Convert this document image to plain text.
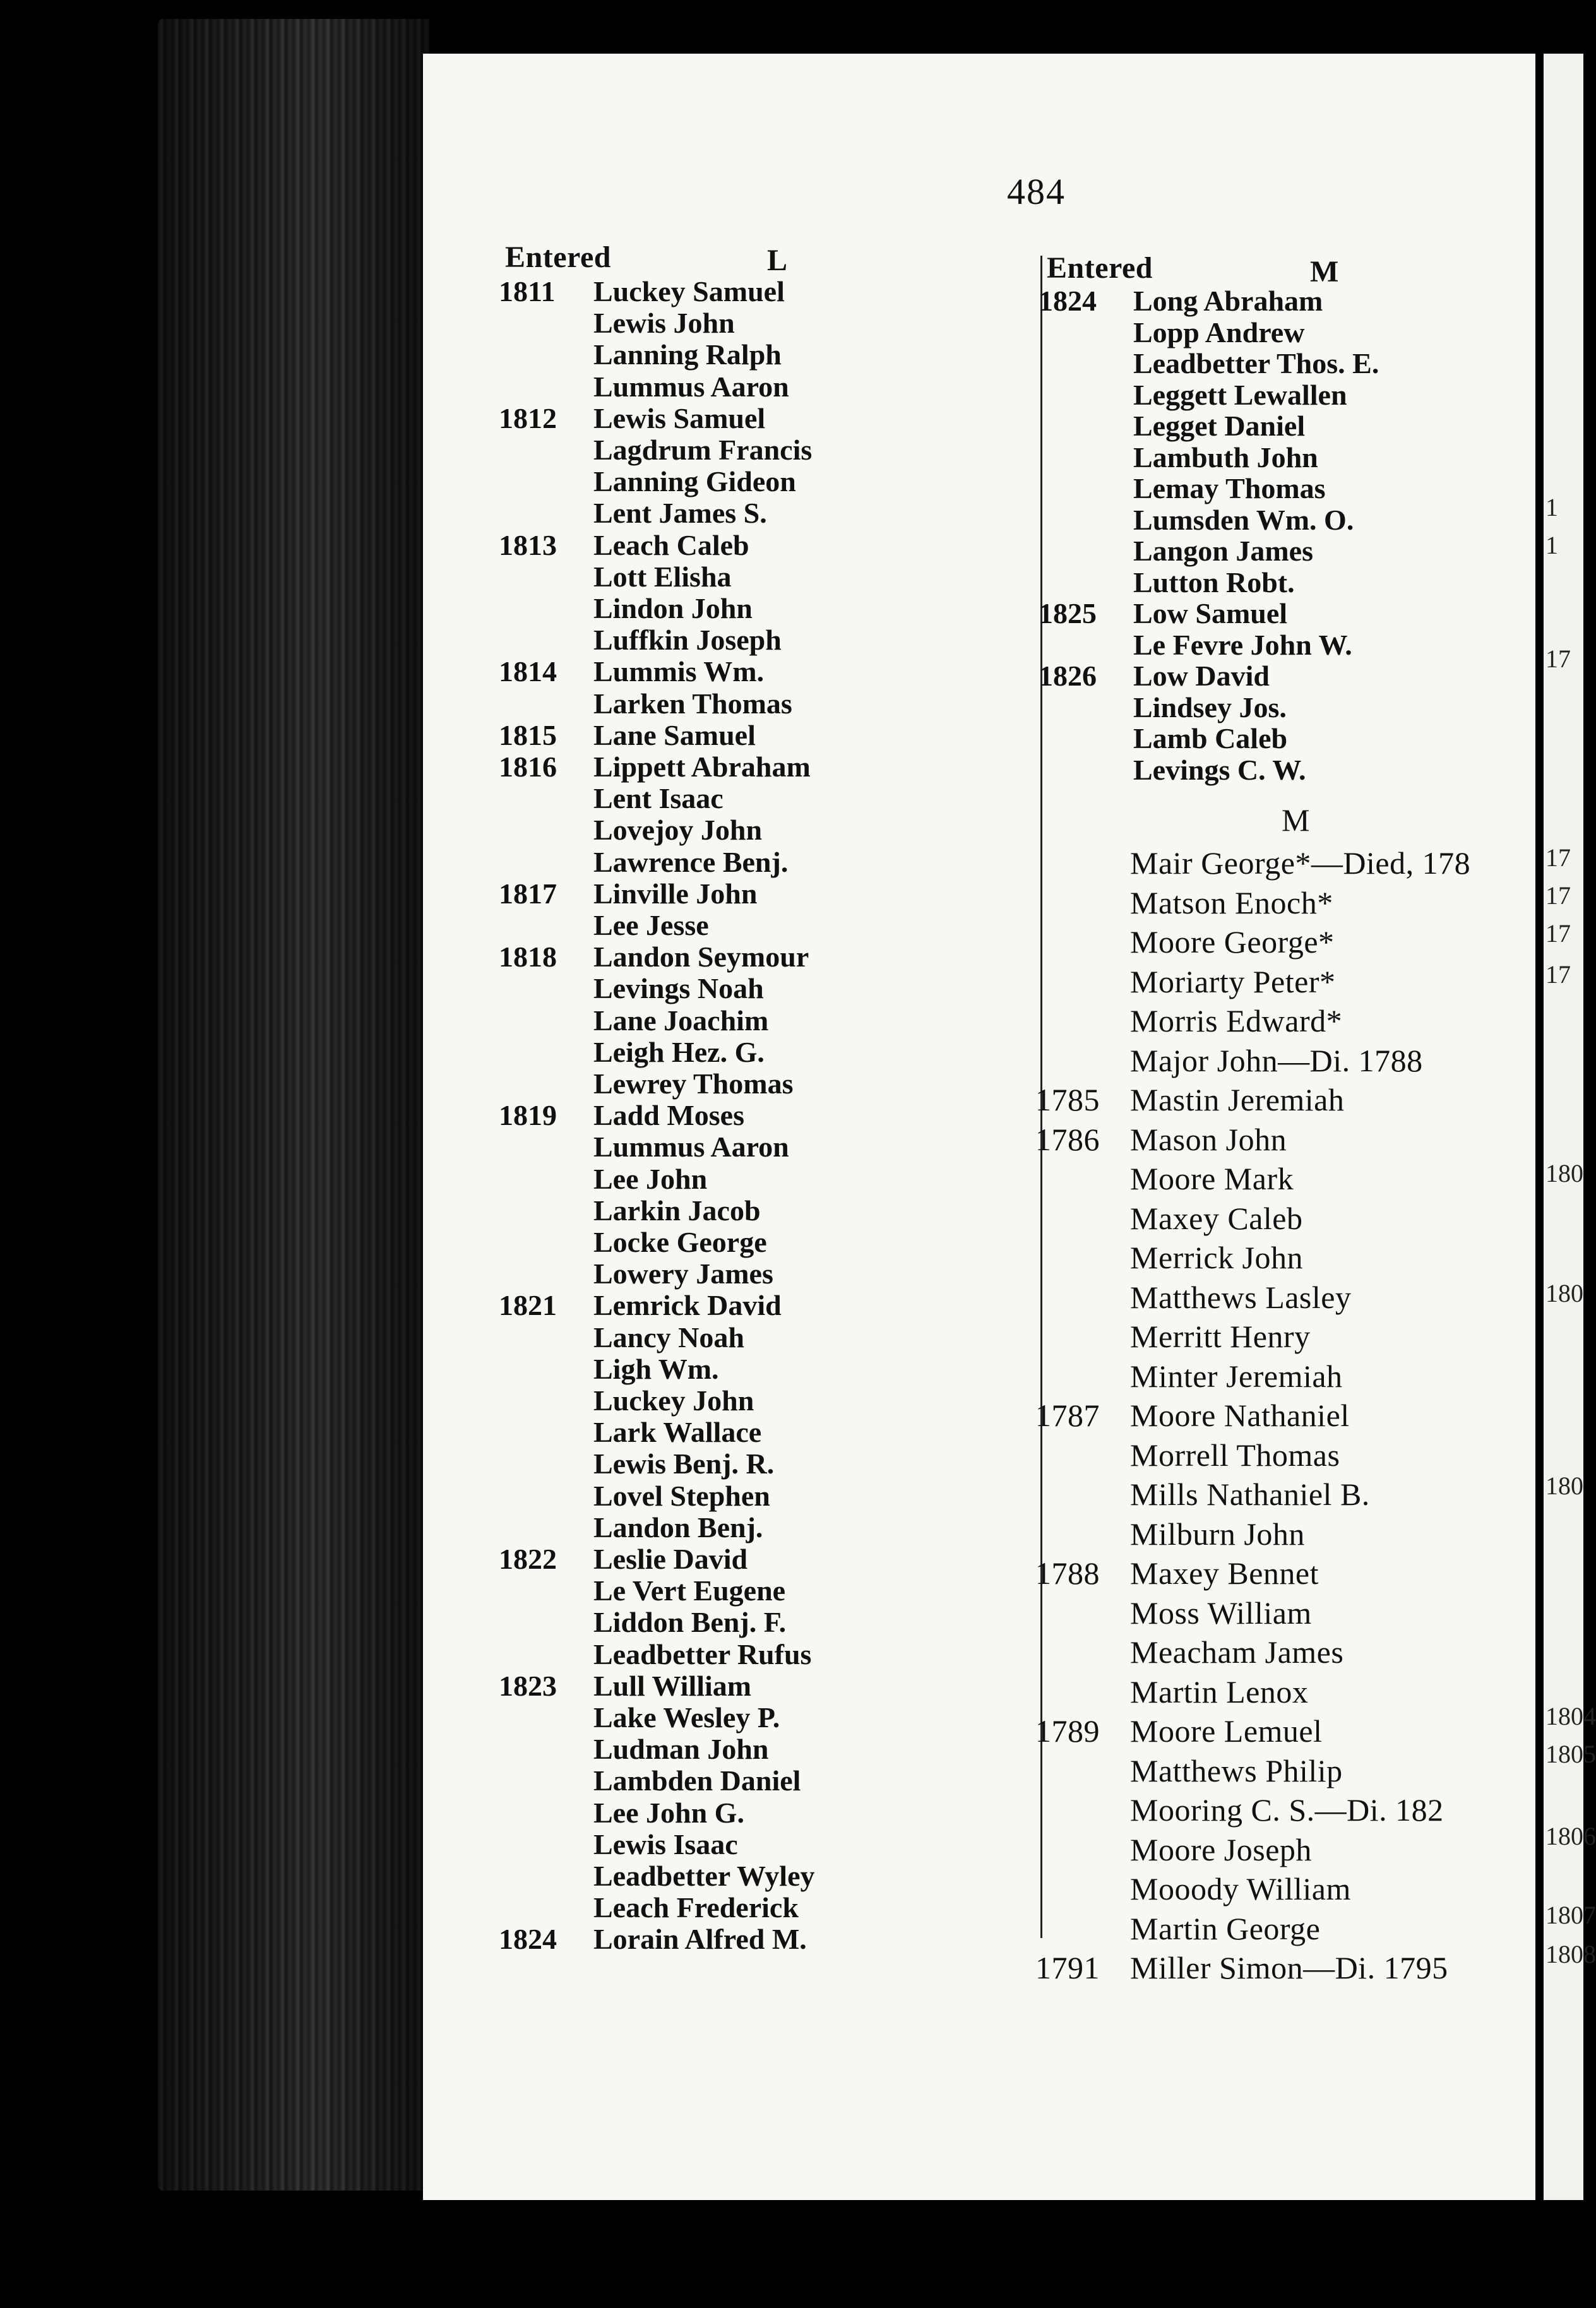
484
Entered	L	Entered	M
1811 Luckey Samuel
Lewis John
Lanning Ralph
Lummus Aaron
1812 Lewis Samuel
Lagdrum Francis
Lanning Gideon
Lent James S.
1813 Leach Caleb
Lott Elisha
Lindon John
Luffkin Joseph
1814 Lummis Wm.
Larken Thomas
1815 Lane Samuel
1816 Lippett Abraham
Lent Isaac
Lovejoy John
Lawrence Benj.
1817 Linville John
Lee Jesse
1818 Landon Seymour
Levings Noah
Lane Joachim
Leigh Hez. G.
Lewrey Thomas
1819 Ladd Moses
Lummus Aaron
Lee John
Larkin Jacob
Locke George
Lowery James
1821 Lemrick David
Lancy Noah
Ligh Wm.
Luckey John
Lark Wallace
Lewis Benj. R.
Lovel Stephen
Landon Benj.
1822 Leslie David
Le Vert Eugene
Liddon Benj. F.
Leadbetter Rufus
1823 Lull William
Lake Wesley P.
Ludman John
Lambden Daniel
Lee John G.
Lewis Isaac
Leadbetter Wyley
Leach Frederick
1824 Lorain Alfred M.
1824 Long Abraham
Lopp Andrew
Leadbetter Thos. E.
Leggett Lewallen
Legget Daniel
Lambuth John
Lemay Thomas
Lumsden Wm. O.
Langon James
Lutton Robt.
1825 Low Samuel
Le Fevre John W.
1826 Low David
Lindsey Jos.
Lamb Caleb
Levings C. W.
M
Mair George*—Died, 178
Matson Enoch*
Moore George*
Moriarty Peter*
Morris Edward*
Major John—Di. 1788
1785 Mastin Jeremiah
1786 Mason John
Moore Mark
Maxey Caleb
Merrick John
Matthews Lasley
Merritt Henry
Minter Jeremiah
1787 Moore Nathaniel
Morrell Thomas
Mills Nathaniel B.
Milburn John
1788 Maxey Bennet
Moss William
Meacham James
Martin Lenox
1789 Moore Lemuel
Matthews Philip
Mooring C. S.—Di. 182
Moore Joseph
Mooody William
Martin George
1791 Miller Simon—Di. 1795
1
1
17
17
17
17
17
180
180
180
1804
1805
1806
1807
1808
